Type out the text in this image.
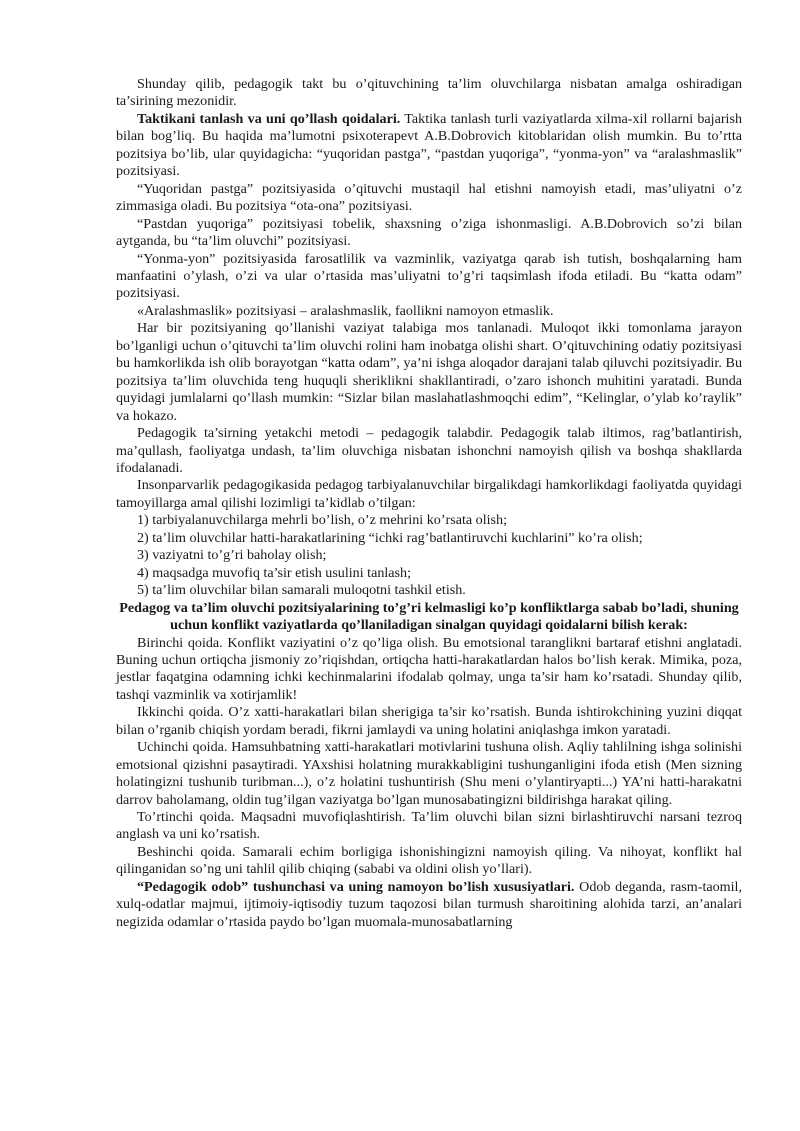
Shunday qilib, pedagogik takt bu o’qituvchining ta’lim oluvchilarga nisbatan amalga oshiradigan ta’sirining mezonidir.

Taktikani tanlash va uni qo’llash qoidalari. Taktika tanlash turli vaziyatlarda xilma-xil rollarni bajarish bilan bog’liq. Bu haqida ma’lumotni psixoterapevt A.B.Dobrovich kitoblaridan olish mumkin. Bu to’rtta pozitsiya bo’lib, ular quyidagicha: “yuqoridan pastga”, “pastdan yuqoriga”, “yonma-yon” va “aralashmaslik” pozitsiyasi.

“Yuqoridan pastga” pozitsiyasida o’qituvchi mustaqil hal etishni namoyish etadi, mas’uliyatni o’z zimmasiga oladi. Bu pozitsiya “ota-ona” pozitsiyasi.

“Pastdan yuqoriga” pozitsiyasi tobelik, shaxsning o’ziga ishonmasligi. A.B.Dobrovich so’zi bilan aytganda, bu “ta’lim oluvchi” pozitsiyasi.

“Yonma-yon” pozitsiyasida farosatlilik va vazminlik, vaziyatga qarab ish tutish, boshqalarning ham manfaatini o’ylash, o’zi va ular o’rtasida mas’uliyatni to’g’ri taqsimlash ifoda etiladi. Bu “katta odam” pozitsiyasi.

«Aralashmaslik» pozitsiyasi – aralashmaslik, faollikni namoyon etmaslik.

Har bir pozitsiyaning qo’llanishi vaziyat talabiga mos tanlanadi. Muloqot ikki tomonlama jarayon bo’lganligi uchun o’qituvchi ta’lim oluvchi rolini ham inobatga olishi shart. O’qituvchining odatiy pozitsiyasi bu hamkorlikda ish olib borayotgan “katta odam”, ya’ni ishga aloqador darajani talab qiluvchi pozitsiyadir. Bu pozitsiya ta’lim oluvchida teng huquqli sheriklikni shakllantiradi, o’zaro ishonch muhitini yaratadi. Bunda quyidagi jumlalarni qo’llash mumkin: “Sizlar bilan maslahatlashmoqchi edim”, “Kelinglar, o’ylab ko’raylik” va hokazo.

Pedagogik ta’sirning yetakchi metodi – pedagogik talabdir. Pedagogik talab iltimos, rag’batlantirish, ma’qullash, faoliyatga undash, ta’lim oluvchiga nisbatan ishonchni namoyish qilish va boshqa shakllarda ifodalanadi.

Insonparvarlik pedagogikasida pedagog tarbiyalanuvchilar birgalikdagi hamkorlikdagi faoliyatda quyidagi tamoyillarga amal qilishi lozimligi ta’kidlab o’tilgan:

1) tarbiyalanuvchilarga mehrli bo’lish, o’z mehrini ko’rsata olish;

2) ta’lim oluvchilar hatti-harakatlarining “ichki rag’batlantiruvchi kuchlarini” ko’ra olish;

3) vaziyatni to’g’ri baholay olish;

4) maqsadga muvofiq ta’sir etish usulini tanlash;

5) ta’lim oluvchilar bilan samarali muloqotni tashkil etish.

Pedagog va ta’lim oluvchi pozitsiyalarining to’g’ri kelmasligi ko’p konfliktlarga sabab bo’ladi, shuning uchun konflikt vaziyatlarda qo’llaniladigan sinalgan quyidagi qoidalarni bilish kerak:

Birinchi qoida. Konflikt vaziyatini o’z qo’liga olish. Bu emotsional taranglikni bartaraf etishni anglatadi. Buning uchun ortiqcha jismoniy zo’riqishdan, ortiqcha hatti-harakatlardan halos bo’lish kerak. Mimika, poza, jestlar faqatgina odamning ichki kechinmalarini ifodalab qolmay, unga ta’sir ham ko’rsatadi. Shunday qilib, tashqi vazminlik va xotirjamlik!

Ikkinchi qoida. O’z xatti-harakatlari bilan sherigiga ta’sir ko’rsatish. Bunda ishtirokchining yuzini diqqat bilan o’rganib chiqish yordam beradi, fikrni jamlaydi va uning holatini aniqlashga imkon yaratadi.

Uchinchi qoida. Hamsuhbatning xatti-harakatlari motivlarini tushuna olish. Aqliy tahlilning ishga solinishi emotsional qizishni pasaytiradi. YAxshisi holatning murakkabligini tushunganligini ifoda etish (Men sizning holatingizni tushunib turibman...), o’z holatini tushuntirish (Shu meni o’ylantiryapti...) YA’ni hatti-harakatni darrov baholamang, oldin tug’ilgan vaziyatga bo’lgan munosabatingizni bildirishga harakat qiling.

To’rtinchi qoida. Maqsadni muvofiqlashtirish. Ta’lim oluvchi bilan sizni birlashtiruvchi narsani tezroq anglash va uni ko’rsatish.

Beshinchi qoida. Samarali echim borligiga ishonishingizni namoyish qiling. Va nihoyat, konflikt hal qilinganidan so’ng uni tahlil qilib chiqing (sababi va oldini olish yo’llari).

“Pedagogik odob” tushunchasi va uning namoyon bo’lish xususiyatlari. Odob deganda, rasm-taomil, xulq-odatlar majmui, ijtimoiy-iqtisodiy tuzum taqozosi bilan turmush sharoitining alohida tarzi, an’analari negizida odamlar o’rtasida paydo bo’lgan muomala-munosabatlarning
